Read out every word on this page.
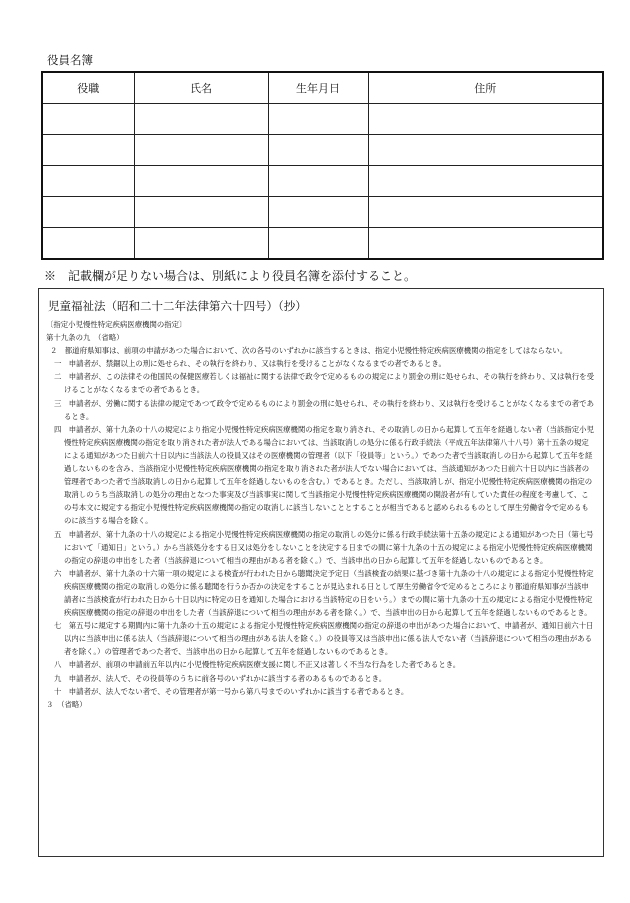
役員名簿
役職	氏名	生年月日	住所

※　記載欄が足りない場合は、別紙により役員名簿を添付すること。
児童福祉法（昭和二十二年法律第六十四号）（抄）

〔指定小児慢性特定疾病医療機関の指定〕

第十九条の九　（省略）

２　都道府県知事は、前項の申請があつた場合において、次の各号のいずれかに該当するときは、指定小児慢性特定疾病医療機関の指定をしてはならない。

一　申請者が、禁錮以上の刑に処せられ、その執行を終わり、又は執行を受けることがなくなるまでの者であるとき。

二　申請者が、この法律その他国民の保健医療若しくは福祉に関する法律で政令で定めるものの規定により罰金の刑に処せられ、その執行を終わり、又は執行を受けることがなくなるまでの者であるとき。

三　申請者が、労働に関する法律の規定であつて政令で定めるものにより罰金の刑に処せられ、その執行を終わり、又は執行を受けることがなくなるまでの者であるとき。

四　申請者が、第十九条の十八の規定により指定小児慢性特定疾病医療機関の指定を取り消され、その取消しの日から起算して五年を経過しない者（当該指定小児慢性特定疾病医療機関の指定を取り消された者が法人である場合においては、当該取消しの処分に係る行政手続法（平成五年法律第八十八号）第十五条の規定による通知があつた日前六十日以内に当該法人の役員又はその医療機関の管理者（以下「役員等」という。）であつた者で当該取消しの日から起算して五年を経過しないものを含み、当該指定小児慢性特定疾病医療機関の指定を取り消された者が法人でない場合においては、当該通知があつた日前六十日以内に当該者の管理者であつた者で当該取消しの日から起算して五年を経過しないものを含む。）であるとき。ただし、当該取消しが、指定小児慢性特定疾病医療機関の指定の取消しのうち当該取消しの処分の理由となつた事実及び当該事実に関して当該指定小児慢性特定疾病医療機関の開設者が有していた責任の程度を考慮して、この号本文に規定する指定小児慢性特定疾病医療機関の指定の取消しに該当しないこととすることが相当であると認められるものとして厚生労働省令で定めるものに該当する場合を除く。

五　申請者が、第十九条の十八の規定による指定小児慢性特定疾病医療機関の指定の取消しの処分に係る行政手続法第十五条の規定による通知があつた日（第七号において「通知日」という。）から当該処分をする日又は処分をしないことを決定する日までの間に第十九条の十五の規定による指定小児慢性特定疾病医療機関の指定の辞退の申出をした者（当該辞退について相当の理由がある者を除く。）で、当該申出の日から起算して五年を経過しないものであるとき。

六　申請者が、第十九条の十六第一項の規定による検査が行われた日から聴聞決定予定日（当該検査の結果に基づき第十九条の十八の規定による指定小児慢性特定疾病医療機関の指定の取消しの処分に係る聴聞を行うか否かの決定をすることが見込まれる日として厚生労働省令で定めるところにより都道府県知事が当該申請者に当該検査が行われた日から十日以内に特定の日を通知した場合における当該特定の日をいう。）までの間に第十九条の十五の規定による指定小児慢性特定疾病医療機関の指定の辞退の申出をした者（当該辞退について相当の理由がある者を除く。）で、当該申出の日から起算して五年を経過しないものであるとき。

七　第五号に規定する期間内に第十九条の十五の規定による指定小児慢性特定疾病医療機関の指定の辞退の申出があつた場合において、申請者が、通知日前六十日以内に当該申出に係る法人（当該辞退について相当の理由がある法人を除く。）の役員等又は当該申出に係る法人でない者（当該辞退について相当の理由がある者を除く。）の管理者であつた者で、当該申出の日から起算して五年を経過しないものであるとき。

八　申請者が、前項の申請前五年以内に小児慢性特定疾病医療支援に関し不正又は著しく不当な行為をした者であるとき。

九　申請者が、法人で、その役員等のうちに前各号のいずれかに該当する者のあるものであるとき。

十　申請者が、法人でない者で、その管理者が第一号から第八号までのいずれかに該当する者であるとき。

３　（省略）
